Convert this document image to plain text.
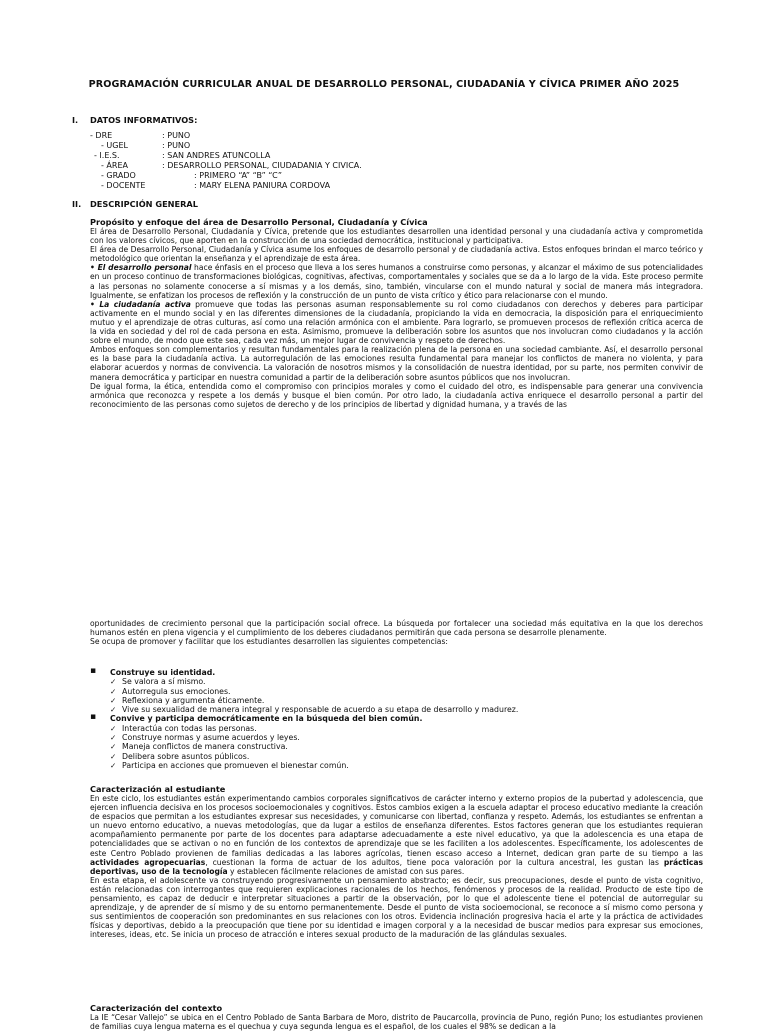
PROGRAMACIÓN CURRICULAR ANUAL DE DESARROLLO PERSONAL, CIUDADANÍA Y CÍVICA PRIMER AÑO 2025
I. DATOS INFORMATIVOS:
- DRE	: PUNO
- UGEL	: PUNO
- I.E.S.	: SAN ANDRES ATUNCOLLA
- ÁREA	: DESARROLLO PERSONAL, CIUDADANIA Y CIVICA.
- GRADO	: PRIMERO “A” “B” “C”
- DOCENTE	: MARY ELENA PANIURA CORDOVA
II. DESCRIPCIÓN GENERAL
Propósito y enfoque del área de Desarrollo Personal, Ciudadanía y Cívica

El área de Desarrollo Personal, Ciudadanía y Cívica, pretende que los estudiantes desarrollen una identidad personal y una ciudadanía activa y comprometida con los valores cívicos, que aporten en la construcción de una sociedad democrática, institucional y participativa.

El área de Desarrollo Personal, Ciudadanía y Cívica asume los enfoques de desarrollo personal y de ciudadanía activa. Estos enfoques brindan el marco teórico y metodológico que orientan la enseñanza y el aprendizaje de esta área.

• El desarrollo personal hace énfasis en el proceso que lleva a los seres humanos a construirse como personas, y alcanzar el máximo de sus potencialidades en un proceso continuo de transformaciones biológicas, cognitivas, afectivas, comportamentales y sociales que se da a lo largo de la vida. Este proceso permite a las personas no solamente conocerse a sí mismas y a los demás, sino, también, vincularse con el mundo natural y social de manera más integradora. Igualmente, se enfatizan los procesos de reflexión y la construcción de un punto de vista crítico y ético para relacionarse con el mundo.

• La ciudadanía activa promueve que todas las personas asuman responsablemente su rol como ciudadanos con derechos y deberes para participar activamente en el mundo social y en las diferentes dimensiones de la ciudadanía, propiciando la vida en democracia, la disposición para el enriquecimiento mutuo y el aprendizaje de otras culturas, así como una relación armónica con el ambiente. Para lograrlo, se promueven procesos de reflexión crítica acerca de la vida en sociedad y del rol de cada persona en esta. Asimismo, promueve la deliberación sobre los asuntos que nos involucran como ciudadanos y la acción sobre el mundo, de modo que este sea, cada vez más, un mejor lugar de convivencia y respeto de derechos.

Ambos enfoques son complementarios y resultan fundamentales para la realización plena de la persona en una sociedad cambiante. Así, el desarrollo personal es la base para la ciudadanía activa. La autorregulación de las emociones resulta fundamental para manejar los conflictos de manera no violenta, y para elaborar acuerdos y normas de convivencia. La valoración de nosotros mismos y la consolidación de nuestra identidad, por su parte, nos permiten convivir de manera democrática y participar en nuestra comunidad a partir de la deliberación sobre asuntos públicos que nos involucran.

De igual forma, la ética, entendida como el compromiso con principios morales y como el cuidado del otro, es indispensable para generar una convivencia armónica que reconozca y respete a los demás y busque el bien común. Por otro lado, la ciudadanía activa enriquece el desarrollo personal a partir del reconocimiento de las personas como sujetos de derecho y de los principios de libertad y dignidad humana, y a través de las

oportunidades de crecimiento personal que la participación social ofrece. La búsqueda por fortalecer una sociedad más equitativa en la que los derechos humanos estén en plena vigencia y el cumplimiento de los deberes ciudadanos permitirán que cada persona se desarrolle plenamente.

Se ocupa de promover y facilitar que los estudiantes desarrollen las siguientes competencias:

▪ Construye su identidad.
✓ Se valora a sí mismo.
✓ Autorregula sus emociones.
✓ Reflexiona y argumenta éticamente.
✓ Vive su sexualidad de manera integral y responsable de acuerdo a su etapa de desarrollo y madurez.
▪ Convive y participa democráticamente en la búsqueda del bien común.
✓ Interactúa con todas las personas.
✓ Construye normas y asume acuerdos y leyes.
✓ Maneja conflictos de manera constructiva.
✓ Delibera sobre asuntos públicos.
✓ Participa en acciones que promueven el bienestar común.
Caracterización al estudiante

En este ciclo, los estudiantes están experimentando cambios corporales significativos de carácter interno y externo propios de la pubertad y adolescencia, que ejercen influencia decisiva en los procesos socioemocionales y cognitivos. Estos cambios exigen a la escuela adaptar el proceso educativo mediante la creación de espacios que permitan a los estudiantes expresar sus necesidades, y comunicarse con libertad, confianza y respeto. Además, los estudiantes se enfrentan a un nuevo entorno educativo, a nuevas metodologías, que da lugar a estilos de enseñanza diferentes. Estos factores generan que los estudiantes requieran acompañamiento permanente por parte de los docentes para adaptarse adecuadamente a este nivel educativo, ya que la adolescencia es una etapa de potencialidades que se activan o no en función de los contextos de aprendizaje que se les faciliten a los adolescentes. Específicamente, los adolescentes de este Centro Poblado provienen de familias dedicadas a las labores agrícolas, tienen escaso acceso a Internet, dedican gran parte de su tiempo a las actividades agropecuarias, cuestionan la forma de actuar de los adultos, tiene poca valoración por la cultura ancestral, les gustan las prácticas deportivas, uso de la tecnología y establecen fácilmente relaciones de amistad con sus pares.

En esta etapa, el adolescente va construyendo progresivamente un pensamiento abstracto; es decir, sus preocupaciones, desde el punto de vista cognitivo, están relacionadas con interrogantes que requieren explicaciones racionales de los hechos, fenómenos y procesos de la realidad. Producto de este tipo de pensamiento, es capaz de deducir e interpretar situaciones a partir de la observación, por lo que el adolescente tiene el potencial de autorregular su aprendizaje, y de aprender de sí mismo y de su entorno permanentemente. Desde el punto de vista socioemocional, se reconoce a sí mismo como persona y sus sentimientos de cooperación son predominantes en sus relaciones con los otros. Evidencia inclinación progresiva hacia el arte y la práctica de actividades físicas y deportivas, debido a la preocupación que tiene por su identidad e imagen corporal y a la necesidad de buscar medios para expresar sus emociones, intereses, ideas, etc. Se inicia un proceso de atracción e interes sexual producto de la maduración de las glándulas sexuales.

Caracterización del contexto

La IE “Cesar Vallejo” se ubica en el Centro Poblado de Santa Barbara de Moro, distrito de Paucarcolla, provincia de Puno, región Puno; los estudiantes provienen de familias cuya lengua materna es el quechua y cuya segunda lengua es el español, de los cuales el 98% se dedican a la
